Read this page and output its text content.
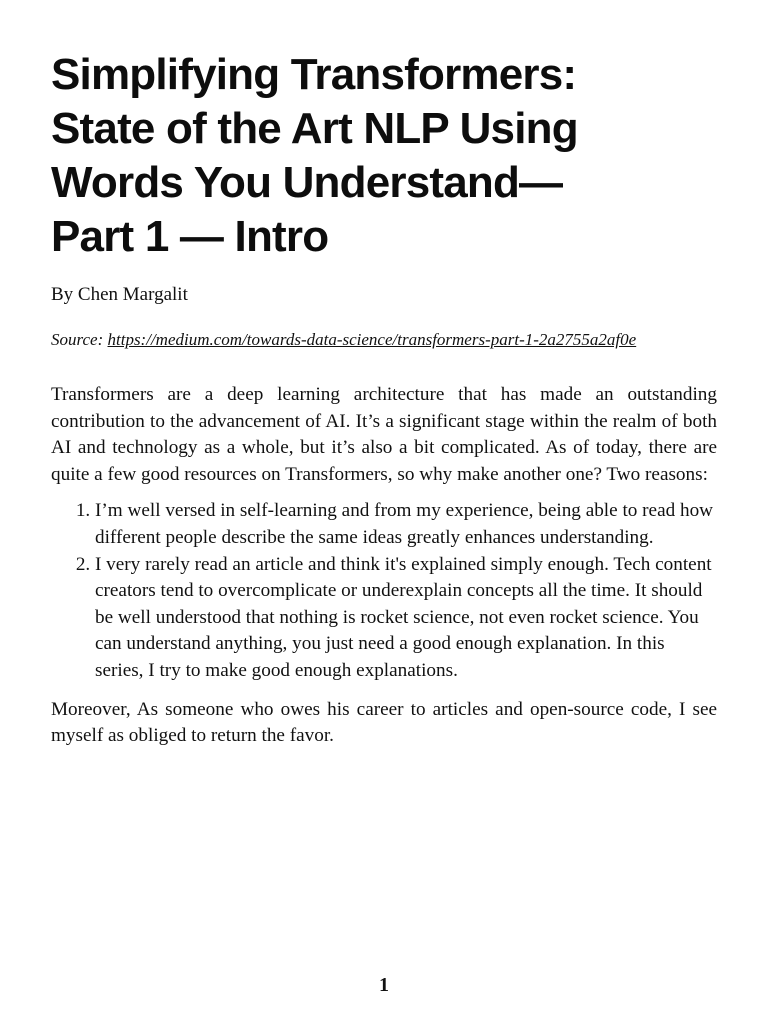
Simplifying Transformers:
State of the Art NLP Using
Words You Understand—
Part 1 — Intro

By Chen Margalit

Source: https://medium.com/towards-data-science/transformers-part-1-2a2755a2af0e

Transformers are a deep learning architecture that has made an outstanding contribution to the advancement of AI. It’s a significant stage within the realm of both AI and technology as a whole, but it’s also a bit complicated. As of today, there are quite a few good resources on Transformers, so why make another one? Two reasons:

1. I’m well versed in self-learning and from my experience, being able to read how different people describe the same ideas greatly enhances understanding.
2. I very rarely read an article and think it's explained simply enough. Tech content creators tend to overcomplicate or underexplain concepts all the time. It should be well understood that nothing is rocket science, not even rocket science. You can understand anything, you just need a good enough explanation. In this series, I try to make good enough explanations.

Moreover, As someone who owes his career to articles and open-source code, I see myself as obliged to return the favor.

1
